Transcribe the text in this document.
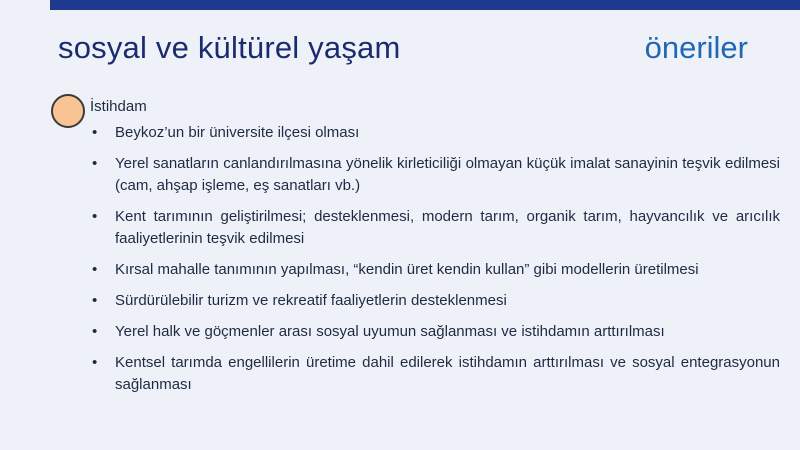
sosyal ve kültürel yaşam	öneriler
İstihdam
•	Beykoz’un bir üniversite ilçesi olması
•	Yerel sanatların canlandırılmasına yönelik kirleticiliği olmayan küçük imalat sanayinin teşvik edilmesi (cam, ahşap işleme, eş sanatları vb.)
•	Kent tarımının geliştirilmesi; desteklenmesi, modern tarım, organik tarım, hayvancılık ve arıcılık faaliyetlerinin teşvik edilmesi
•	Kırsal mahalle tanımının yapılması, “kendin üret kendin kullan” gibi modellerin üretilmesi
•	Sürdürülebilir turizm ve rekreatif faaliyetlerin desteklenmesi
•	Yerel halk ve göçmenler arası sosyal uyumun sağlanması ve istihdamın arttırılması
•	Kentsel tarımda engellilerin üretime dahil edilerek istihdamın arttırılması ve sosyal entegrasyonun sağlanması
